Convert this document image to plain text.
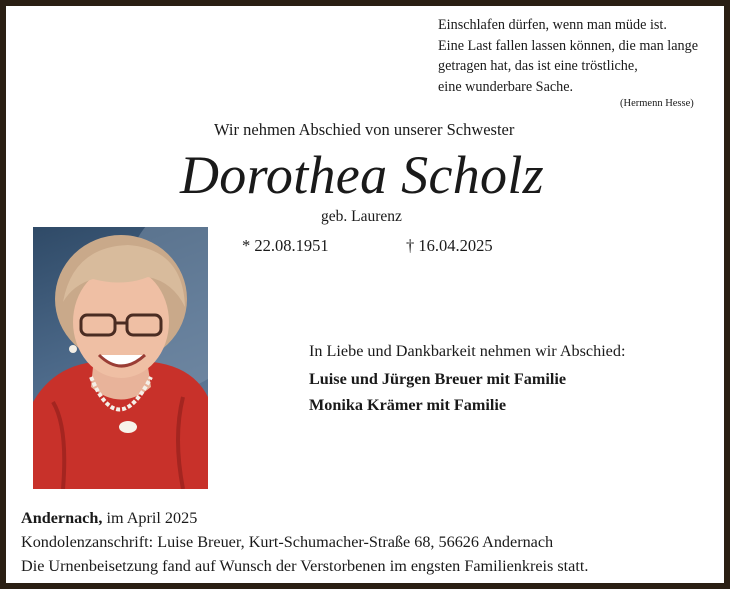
Einschlafen dürfen, wenn man müde ist.
Eine Last fallen lassen können, die man lange
getragen hat, das ist eine tröstliche,
eine wunderbare Sache.
(Hermenn Hesse)
Wir nehmen Abschied von unserer Schwester
Dorothea Scholz
geb. Laurenz
* 22.08.1951	† 16.04.2025
In Liebe und Dankbarkeit nehmen wir Abschied:
Luise und Jürgen Breuer mit Familie
Monika Krämer mit Familie
Andernach, im April 2025
Kondolenzanschrift: Luise Breuer, Kurt-Schumacher-Straße 68, 56626 Andernach
Die Urnenbeisetzung fand auf Wunsch der Verstorbenen im engsten Familienkreis statt.
